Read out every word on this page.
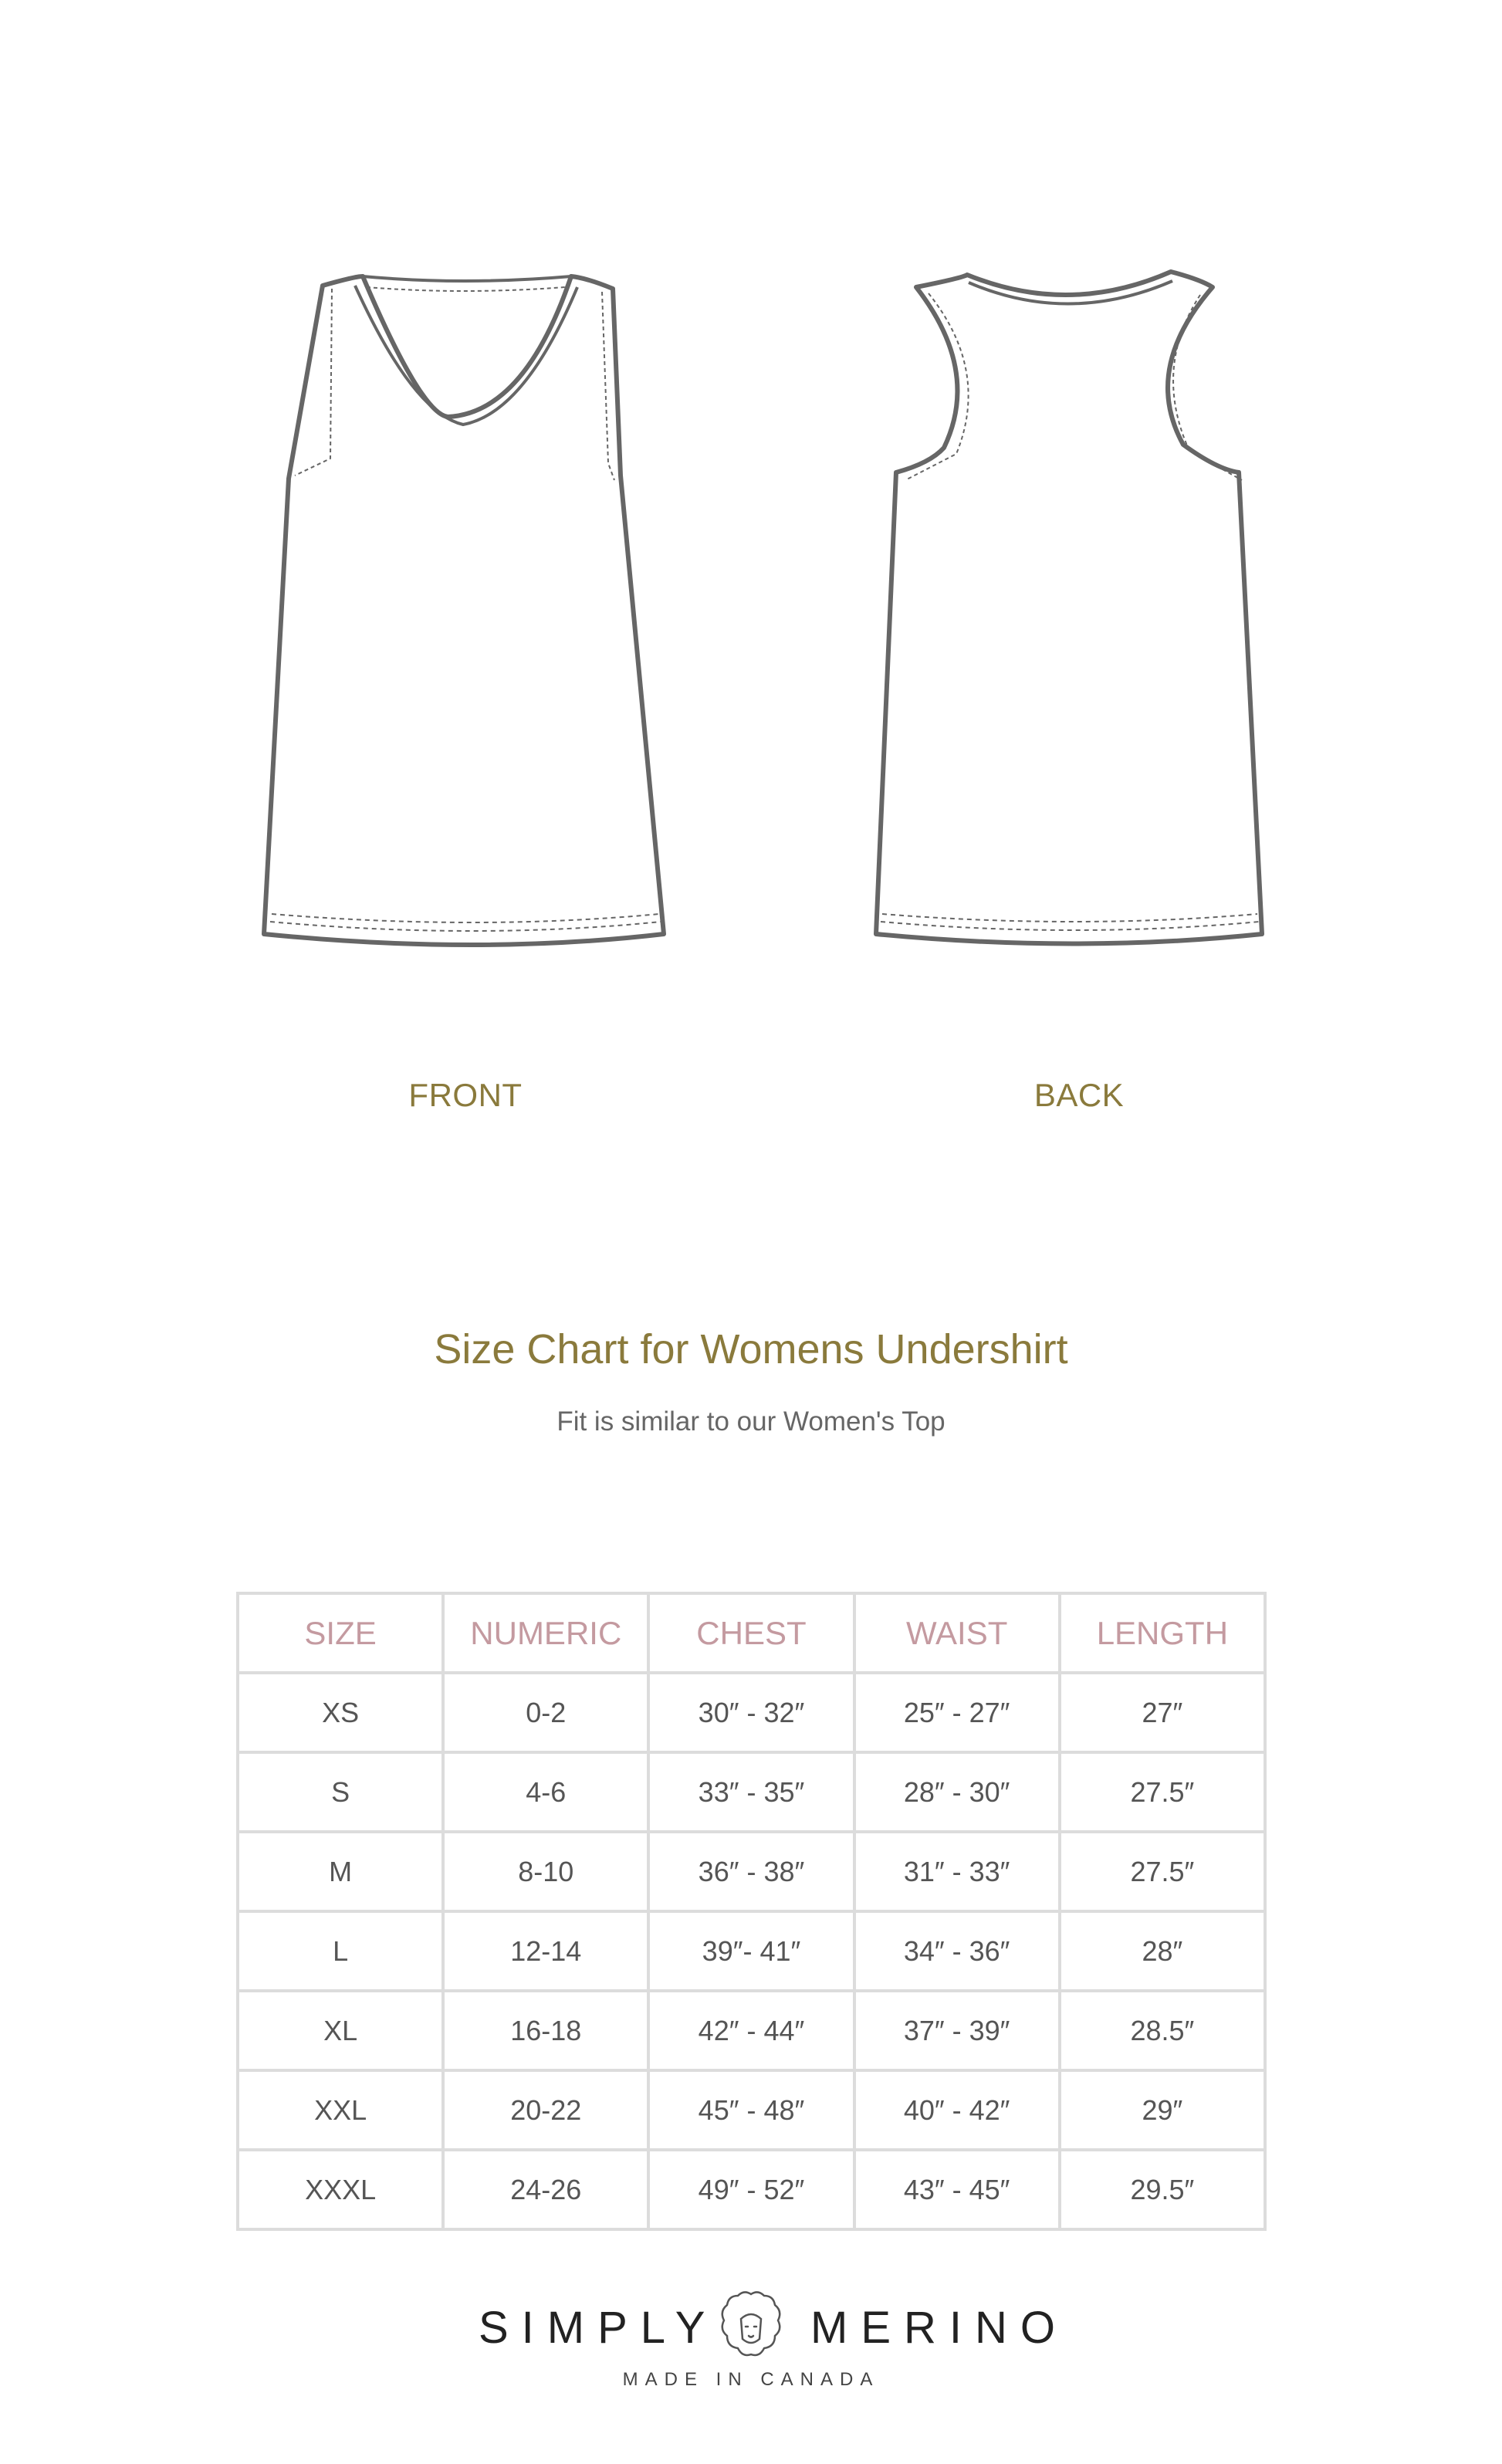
FRONT	BACK
Size Chart for Womens Undershirt
Fit is similar to our Women's Top
SIZE	NUMERIC	CHEST	WAIST	LENGTH
XS	0-2	30″ - 32″	25″ - 27″	27″
S	4-6	33″ - 35″	28″ - 30″	27.5″
M	8-10	36″ - 38″	31″ - 33″	27.5″
L	12-14	39″- 41″	34″ - 36″	28″
XL	16-18	42″ - 44″	37″ - 39″	28.5″
XXL	20-22	45″ - 48″	40″ - 42″	29″
XXXL	24-26	49″ - 52″	43″ - 45″	29.5″
SIMPLY MERINO
MADE IN CANADA
